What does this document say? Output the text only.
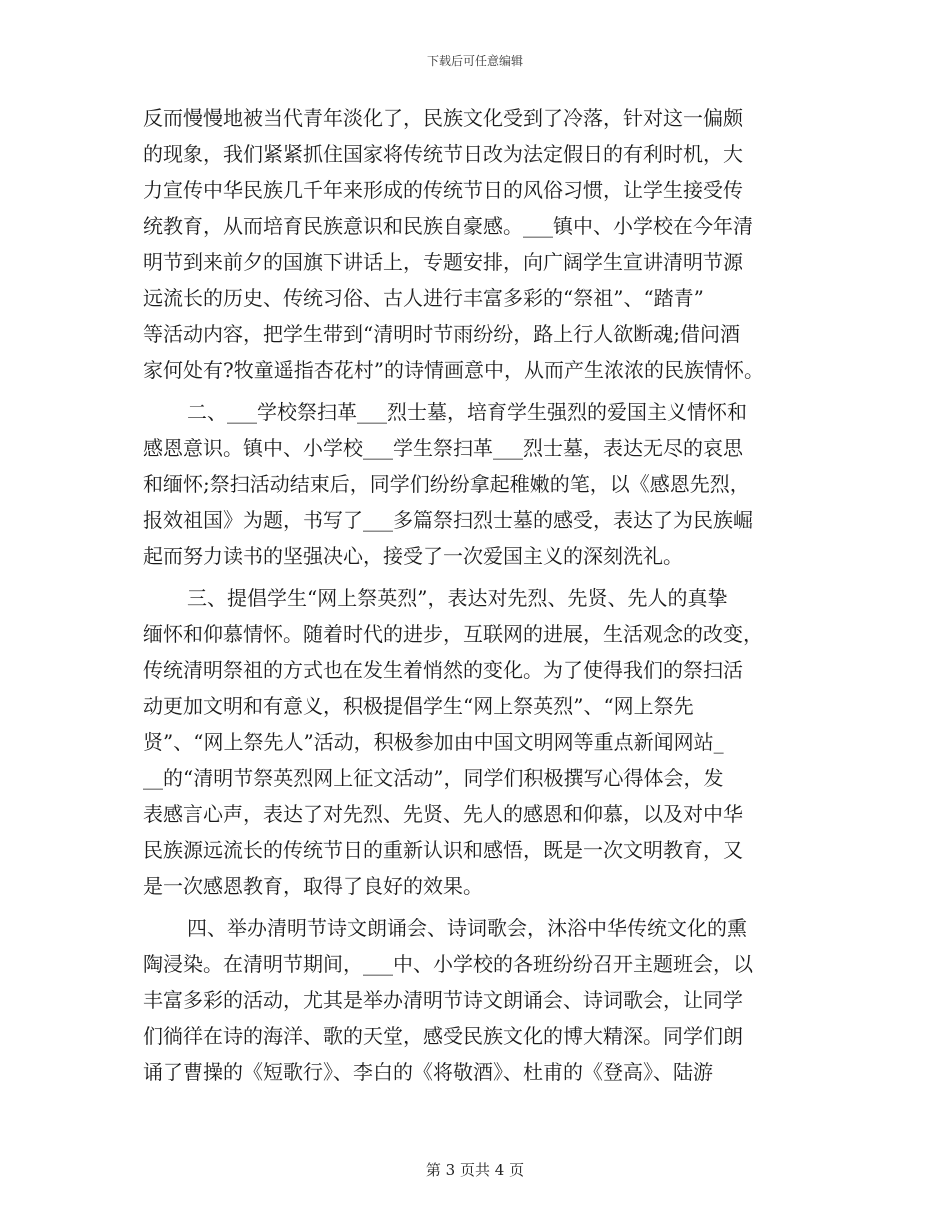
下载后可任意编辑
反而慢慢地被当代青年淡化了，民族文化受到了冷落，针对这一偏颇
的现象，我们紧紧抓住国家将传统节日改为法定假日的有利时机，大
力宣传中华民族几千年来形成的传统节日的风俗习惯，让学生接受传
统教育，从而培育民族意识和民族自豪感。___镇中、小学校在今年清
明节到来前夕的国旗下讲话上，专题安排，向广阔学生宣讲清明节源
远流长的历史、传统习俗、古人进行丰富多彩的“祭祖”、“踏青”
等活动内容，把学生带到“清明时节雨纷纷，路上行人欲断魂;借问酒
家何处有?牧童遥指杏花村”的诗情画意中，从而产生浓浓的民族情怀。
二、___学校祭扫革___烈士墓，培育学生强烈的爱国主义情怀和
感恩意识。镇中、小学校___学生祭扫革___烈士墓，表达无尽的哀思
和缅怀;祭扫活动结束后，同学们纷纷拿起稚嫩的笔，以《感恩先烈，
报效祖国》为题，书写了___多篇祭扫烈士墓的感受，表达了为民族崛
起而努力读书的坚强决心，接受了一次爱国主义的深刻洗礼。
三、提倡学生“网上祭英烈”，表达对先烈、先贤、先人的真挚
缅怀和仰慕情怀。随着时代的进步，互联网的进展，生活观念的改变，
传统清明祭祖的方式也在发生着悄然的变化。为了使得我们的祭扫活
动更加文明和有意义，积极提倡学生“网上祭英烈”、“网上祭先
贤”、“网上祭先人”活动，积极参加由中国文明网等重点新闻网站_
__的“清明节祭英烈网上征文活动”，同学们积极撰写心得体会，发
表感言心声，表达了对先烈、先贤、先人的感恩和仰慕，以及对中华
民族源远流长的传统节日的重新认识和感悟，既是一次文明教育，又
是一次感恩教育，取得了良好的效果。
四、举办清明节诗文朗诵会、诗词歌会，沐浴中华传统文化的熏
陶浸染。在清明节期间，___中、小学校的各班纷纷召开主题班会，以
丰富多彩的活动，尤其是举办清明节诗文朗诵会、诗词歌会，让同学
们徜徉在诗的海洋、歌的天堂，感受民族文化的博大精深。同学们朗
诵了曹操的《短歌行》、李白的《将敬酒》、杜甫的《登高》、陆游
第 3 页共 4 页
